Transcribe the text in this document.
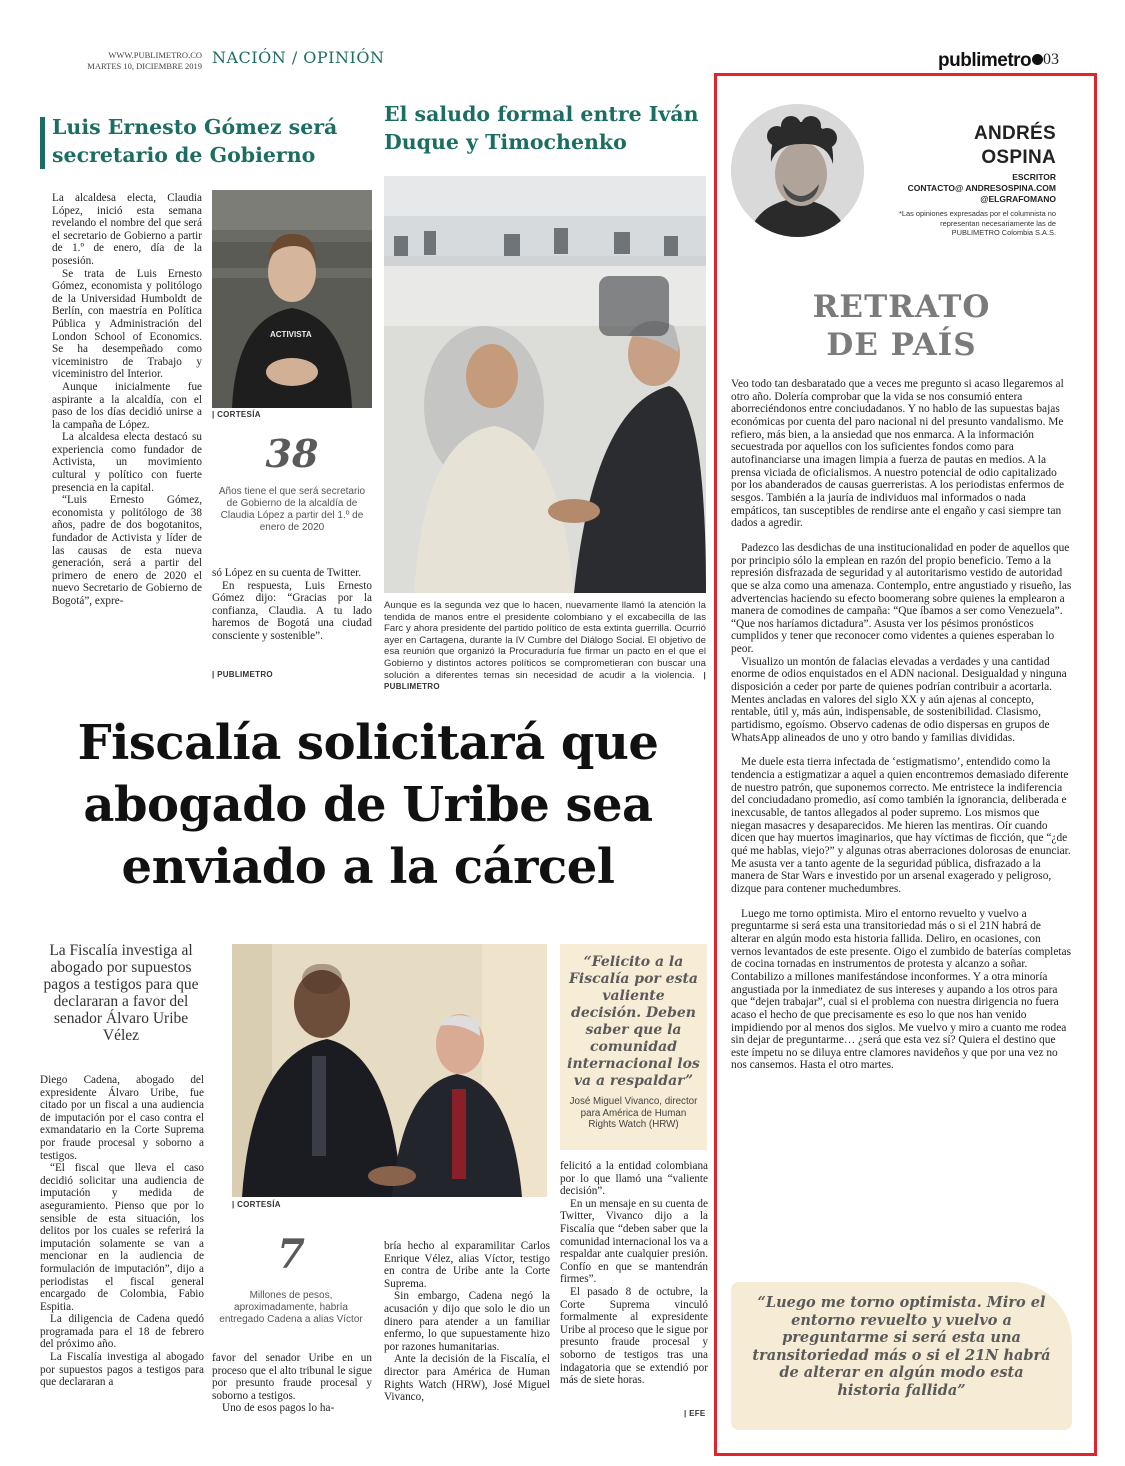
WWW.PUBLIMETRO.CO
MARTES 10, DICIEMBRE 2019 NACIÓN / OPINIÓN	publimetro 03
Luis Ernesto Gómez será secretario de Gobierno

La alcaldesa electa, Claudia López, inició esta semana revelando el nombre del que será el secretario de Gobierno a partir de 1.º de enero, día de la posesión.

Se trata de Luis Ernesto Gómez, economista y politólogo de la Universidad Humboldt de Berlín, con maestría en Política Pública y Administración del London School of Economics. Se ha desempeñado como viceministro de Trabajo y viceministro del Interior.

Aunque inicialmente fue aspirante a la alcaldía, con el paso de los días decidió unirse a la campaña de López.

La alcaldesa electa destacó su experiencia como fundador de Activista, un movimiento cultural y político con fuerte presencia en la capital.

“Luis Ernesto Gómez, economista y politólogo de 38 años, padre de dos bogotanitos, fundador de Activista y líder de las causas de esta nueva generación, será a partir del primero de enero de 2020 el nuevo Secretario de Gobierno de Bogotá”, expre-

ACTIVISTA
| CORTESÍA
38
Años tiene el que será secretario de Gobierno de la alcaldía de Claudia López a partir del 1.º de enero de 2020

só López en su cuenta de Twitter.

En respuesta, Luis Ernesto Gómez dijo: “Gracias por la confianza, Claudia. A tu lado haremos de Bogotá una ciudad consciente y sostenible”.

| PUBLIMETRO
El saludo formal entre Iván Duque y Timochenko
Aunque es la segunda vez que lo hacen, nuevamente llamó la atención la tendida de manos entre el presidente colombiano y el excabecilla de las Farc y ahora presidente del partido político de esta extinta guerrilla. Ocurrió ayer en Cartagena, durante la IV Cumbre del Diálogo Social. El objetivo de esa reunión que organizó la Procuraduría fue firmar un pacto en el que el Gobierno y distintos actores políticos se comprometieran con buscar una solución a diferentes temas sin necesidad de acudir a la violencia. | PUBLIMETRO
Fiscalía solicitará que
abogado de Uribe sea
enviado a la cárcel
La Fiscalía investiga al abogado por supuestos pagos a testigos para que declararan a favor del senador Álvaro Uribe Vélez
| CORTESÍA
“Felicito a la Fiscalía por esta valiente decisión. Deben saber que la comunidad internacional los va a respaldar”
José Miguel Vivanco, director para América de Human Rights Watch (HRW)

Diego Cadena, abogado del expresidente Álvaro Uribe, fue citado por un fiscal a una audiencia de imputación por el caso contra el exmandatario en la Corte Suprema por fraude procesal y soborno a testigos.

“El fiscal que lleva el caso decidió solicitar una audiencia de imputación y medida de aseguramiento. Pienso que por lo sensible de esta situación, los delitos por los cuales se referirá la imputación solamente se van a mencionar en la audiencia de formulación de imputación”, dijo a periodistas el fiscal general encargado de Colombia, Fabio Espitia.

La diligencia de Cadena quedó programada para el 18 de febrero del próximo año.

La Fiscalía investiga al abogado por supuestos pagos a testigos para que declararan a

7
Millones de pesos, aproximadamente, habría entregado Cadena a alias Víctor

favor del senador Uribe en un proceso que el alto tribunal le sigue por presunto fraude procesal y soborno a testigos.

Uno de esos pagos lo ha-

bría hecho al exparamilitar Carlos Enrique Vélez, alias Víctor, testigo en contra de Uribe ante la Corte Suprema.

Sin embargo, Cadena negó la acusación y dijo que solo le dio un dinero para atender a un familiar enfermo, lo que supuestamente hizo por razones humanitarias.

Ante la decisión de la Fiscalía, el director para América de Human Rights Watch (HRW), José Miguel Vivanco,

felicitó a la entidad colombiana por lo que llamó una “valiente decisión”.

En un mensaje en su cuenta de Twitter, Vivanco dijo a la Fiscalía que “deben saber que la comunidad internacional los va a respaldar ante cualquier presión. Confío en que se mantendrán firmes”.

El pasado 8 de octubre, la Corte Suprema vinculó formalmente al expresidente Uribe al proceso que le sigue por presunto fraude procesal y soborno de testigos tras una indagatoria que se extendió por más de siete horas.

| EFE
ANDRÉS
OSPINA
ESCRITOR
CONTACTO@ ANDRESOSPINA.COM
@ELGRAFOMANO
*Las opiniones expresadas por el columnista no representan necesariamente las de PUBLIMETRO Colombia S.A.S.
RETRATO
DE PAÍS

Veo todo tan desbaratado que a veces me pregunto si acaso llegaremos al otro año. Dolería comprobar que la vida se nos consumió entera aborreciéndonos entre conciudadanos. Y no hablo de las supuestas bajas económicas por cuenta del paro nacional ni del presunto vandalismo. Me refiero, más bien, a la ansiedad que nos enmarca. A la información secuestrada por aquellos con los suficientes fondos como para autofinanciarse una imagen limpia a fuerza de pautas en medios. A la prensa viciada de oficialismos. A nuestro potencial de odio capitalizado por los abanderados de causas guerreristas. A los periodistas enfermos de sesgos. También a la jauría de individuos mal informados o nada empáticos, tan susceptibles de rendirse ante el engaño y casi siempre tan dados a agredir.

Padezco las desdichas de una institucionalidad en poder de aquellos que por principio sólo la emplean en razón del propio beneficio. Temo a la represión disfrazada de seguridad y al autoritarismo vestido de autoridad que se alza como una amenaza. Contemplo, entre angustiado y risueño, las advertencias haciendo su efecto boomerang sobre quienes la emplearon a manera de comodines de campaña: “Que íbamos a ser como Venezuela”. “Que nos haríamos dictadura”. Asusta ver los pésimos pronósticos cumplidos y tener que reconocer como videntes a quienes esperaban lo peor.

Visualizo un montón de falacias elevadas a verdades y una cantidad enorme de odios enquistados en el ADN nacional. Desigualdad y ninguna disposición a ceder por parte de quienes podrían contribuir a acortarla. Mentes ancladas en valores del siglo XX y aún ajenas al concepto, rentable, útil y, más aún, indispensable, de sostenibilidad. Clasismo, partidismo, egoísmo. Observo cadenas de odio dispersas en grupos de WhatsApp alineados de uno y otro bando y familias divididas.

Me duele esta tierra infectada de ‘estigmatismo’, entendido como la tendencia a estigmatizar a aquel a quien encontremos demasiado diferente de nuestro patrón, que suponemos correcto. Me entristece la indiferencia del conciudadano promedio, así como también la ignorancia, deliberada e inexcusable, de tantos allegados al poder supremo. Los mismos que niegan masacres y desaparecidos. Me hieren las mentiras. Oír cuando dicen que hay muertos imaginarios, que hay víctimas de ficción, que “¿de qué me hablas, viejo?” y algunas otras aberraciones dolorosas de enunciar. Me asusta ver a tanto agente de la seguridad pública, disfrazado a la manera de Star Wars e investido por un arsenal exagerado y peligroso, dizque para contener muchedumbres.

Luego me torno optimista. Miro el entorno revuelto y vuelvo a preguntarme si será esta una transitoriedad más o si el 21N habrá de alterar en algún modo esta historia fallida. Deliro, en ocasiones, con vernos levantados de este presente. Oigo el zumbido de baterías completas de cocina tornadas en instrumentos de protesta y alcanzo a soñar. Contabilizo a millones manifestándose inconformes. Y a otra minoría angustiada por la inmediatez de sus intereses y aupando a los otros para que “dejen trabajar”, cual si el problema con nuestra dirigencia no fuera acaso el hecho de que precisamente es eso lo que nos han venido impidiendo por al menos dos siglos. Me vuelvo y miro a cuanto me rodea sin dejar de preguntarme… ¿será que esta vez sí? Quiera el destino que este ímpetu no se diluya entre clamores navideños y que por una vez no nos cansemos. Hasta el otro martes.

“Luego me torno optimista. Miro el entorno revuelto y vuelvo a preguntarme si será esta una transitoriedad más o si el 21N habrá de alterar en algún modo esta historia fallida”
